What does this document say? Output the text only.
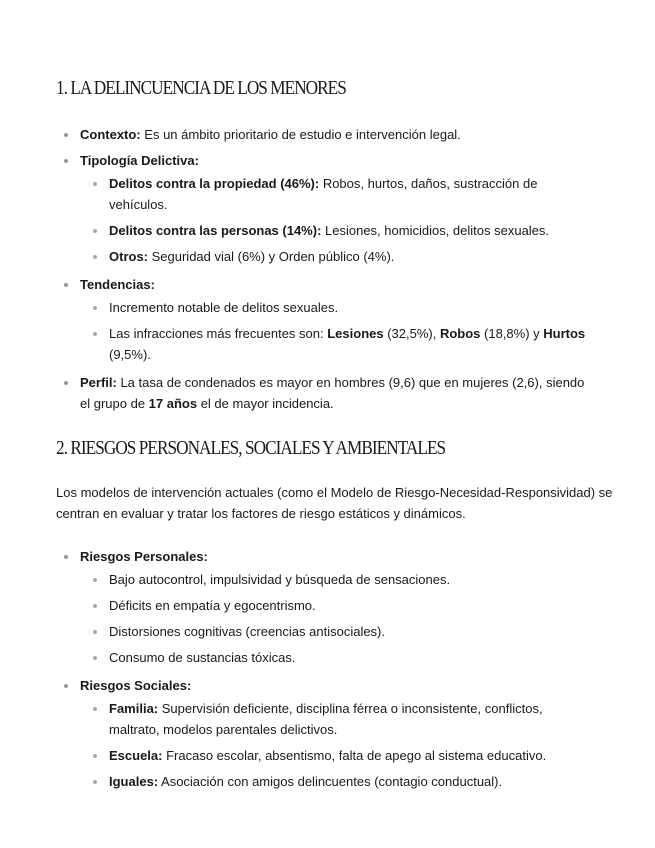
1. LA DELINCUENCIA DE LOS MENORES
Contexto: Es un ámbito prioritario de estudio e intervención legal.
Tipología Delictiva:
Delitos contra la propiedad (46%): Robos, hurtos, daños, sustracción de vehículos.
Delitos contra las personas (14%): Lesiones, homicidios, delitos sexuales.
Otros: Seguridad vial (6%) y Orden público (4%).
Tendencias:
Incremento notable de delitos sexuales.
Las infracciones más frecuentes son: Lesiones (32,5%), Robos (18,8%) y Hurtos (9,5%).
Perfil: La tasa de condenados es mayor en hombres (9,6) que en mujeres (2,6), siendo el grupo de 17 años el de mayor incidencia.
2. RIESGOS PERSONALES, SOCIALES Y AMBIENTALES

Los modelos de intervención actuales (como el Modelo de Riesgo-Necesidad-Responsividad) se centran en evaluar y tratar los factores de riesgo estáticos y dinámicos.

Riesgos Personales:
Bajo autocontrol, impulsividad y búsqueda de sensaciones.
Déficits en empatía y egocentrismo.
Distorsiones cognitivas (creencias antisociales).
Consumo de sustancias tóxicas.
Riesgos Sociales:
Familia: Supervisión deficiente, disciplina férrea o inconsistente, conflictos, maltrato, modelos parentales delictivos.
Escuela: Fracaso escolar, absentismo, falta de apego al sistema educativo.
Iguales: Asociación con amigos delincuentes (contagio conductual).
